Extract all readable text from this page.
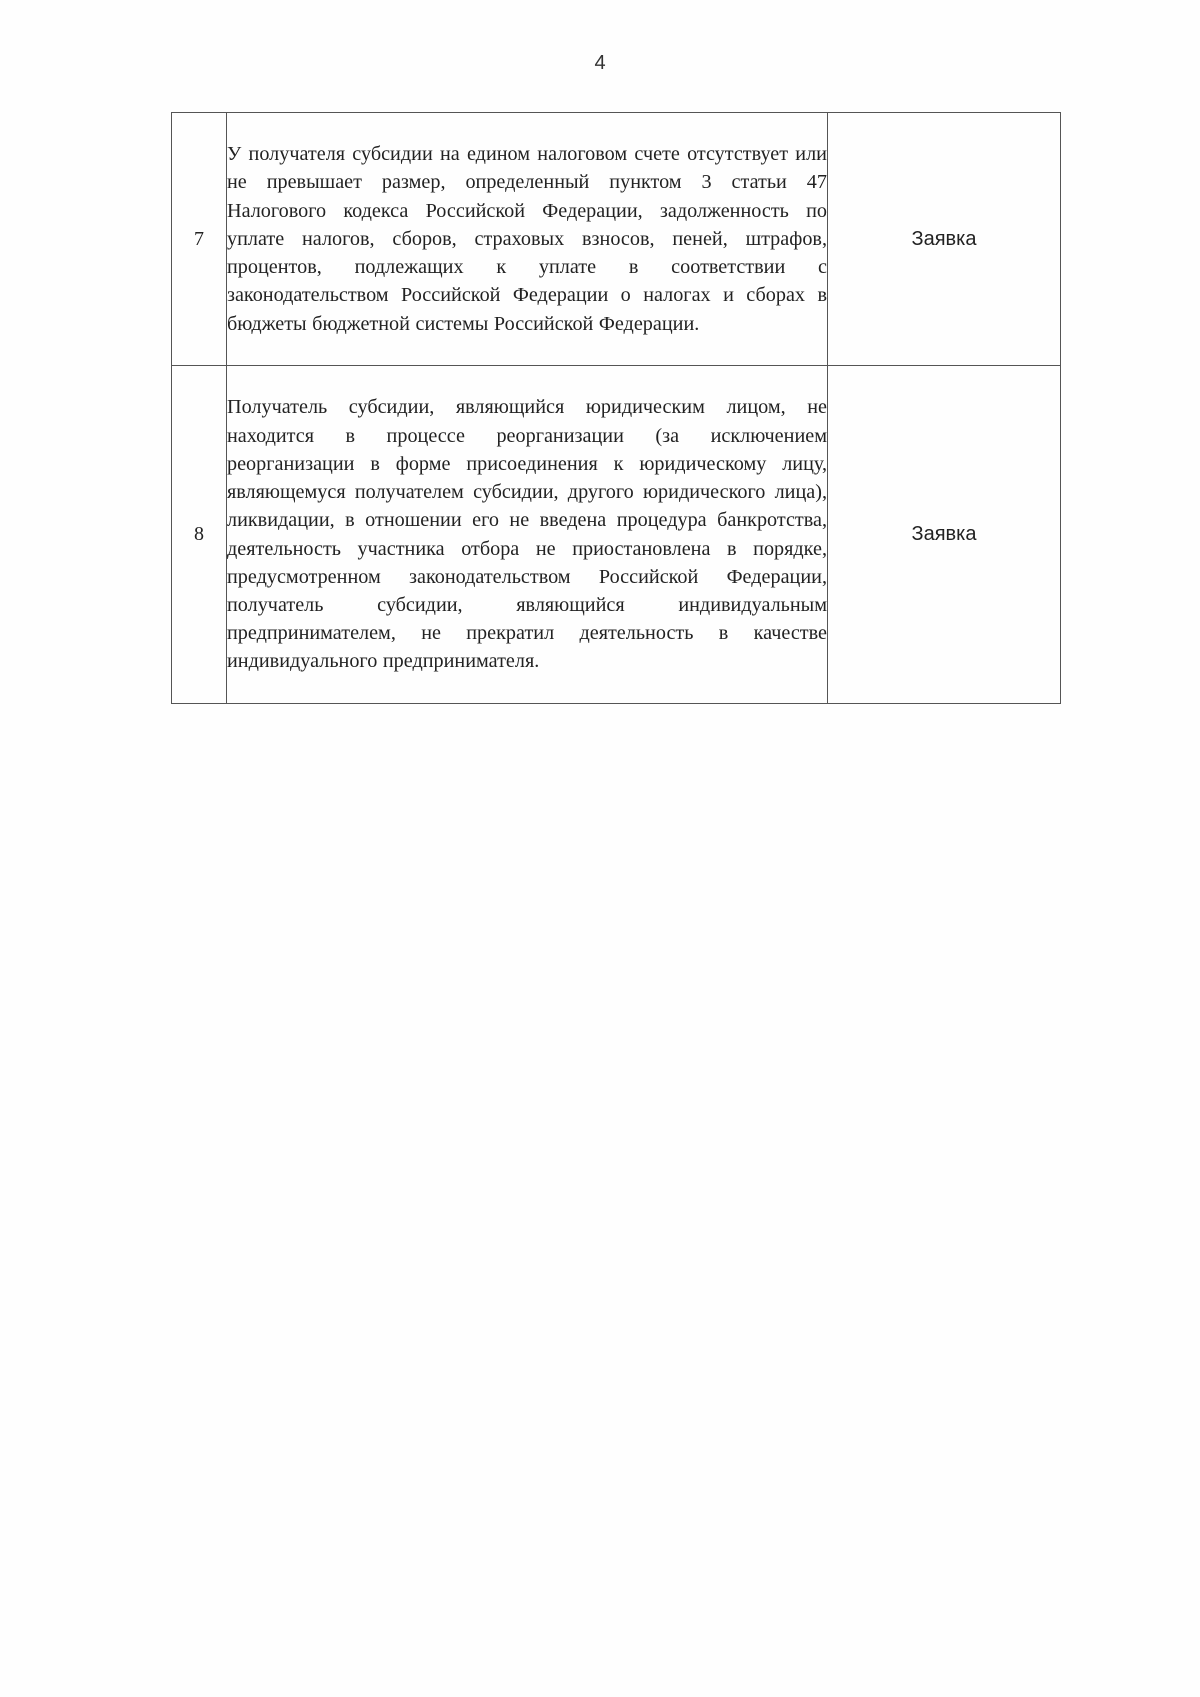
4
7	У получателя субсидии на едином налоговом счете отсутствует или не превышает размер, определенный пунктом 3 статьи 47 Налогового кодекса Российской Федерации, задолженность по уплате налогов, сборов, страховых взносов, пеней, штрафов, процентов, подлежащих к уплате в соответствии с законодательством Российской Федерации о налогах и сборах в бюджеты бюджетной системы Российской Федерации.	Заявка
8	Получатель субсидии, являющийся юридическим лицом, не находится в процессе реорганизации (за исключением реорганизации в форме присоединения к юридическому лицу, являющемуся получателем субсидии, другого юридического лица), ликвидации, в отношении его не введена процедура банкротства, деятельность участника отбора не приостановлена в порядке, предусмотренном законодательством Российской Федерации, получатель субсидии, являющийся индивидуальным предпринимателем, не прекратил деятельность в качестве индивидуального предпринимателя.	Заявка
